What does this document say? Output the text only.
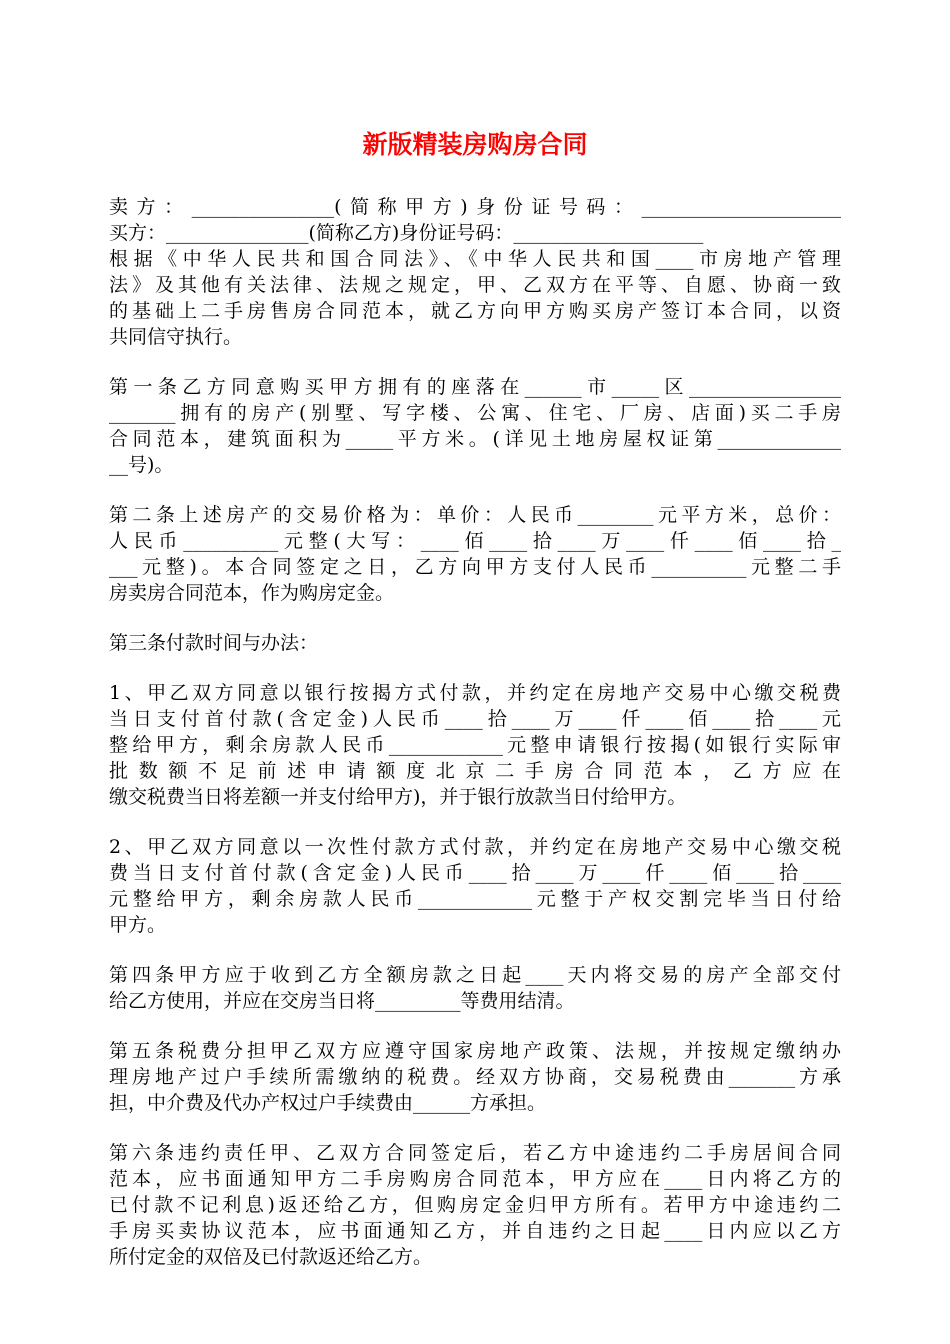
新版精装房购房合同
卖方：_______________(简称甲方)身份证号码：_____________________
买方：_______________(简称乙方)身份证号码：____________________
根据《中华人民共和国合同法》、《中华人民共和国____市房地产管理
法》及其他有关法律、法规之规定，甲、乙双方在平等、自愿、协商一致
的基础上二手房售房合同范本，就乙方向甲方购买房产签订本合同，以资
共同信守执行。
第一条乙方同意购买甲方拥有的座落在______市_____区________________
_______拥有的房产(别墅、写字楼、公寓、住宅、厂房、店面)买二手房
合同范本，建筑面积为_____平方米。(详见土地房屋权证第_____________
__号)。
第二条上述房产的交易价格为：单价：人民币________元平方米，总价：
人民币__________元整(大写：____佰____拾____万____仟____佰____拾_
___元整)。本合同签定之日，乙方向甲方支付人民币__________元整二手
房卖房合同范本，作为购房定金。
第三条付款时间与办法：
1、甲乙双方同意以银行按揭方式付款，并约定在房地产交易中心缴交税费
当日支付首付款(含定金)人民币____拾____万____仟____佰____拾____元
整给甲方，剩余房款人民币____________元整申请银行按揭(如银行实际审
批数额不足前述申请额度北京二手房合同范本，乙方应在
缴交税费当日将差额一并支付给甲方)，并于银行放款当日付给甲方。
2、甲乙双方同意以一次性付款方式付款，并约定在房地产交易中心缴交税
费当日支付首付款(含定金)人民币____拾____万____仟____佰____拾____
元整给甲方，剩余房款人民币____________元整于产权交割完毕当日付给
甲方。
第四条甲方应于收到乙方全额房款之日起____天内将交易的房产全部交付
给乙方使用，并应在交房当日将_________等费用结清。
第五条税费分担甲乙双方应遵守国家房地产政策、法规，并按规定缴纳办
理房地产过户手续所需缴纳的税费。经双方协商，交易税费由_______方承
担，中介费及代办产权过户手续费由______方承担。
第六条违约责任甲、乙双方合同签定后，若乙方中途违约二手房居间合同
范本，应书面通知甲方二手房购房合同范本，甲方应在____日内将乙方的
已付款不记利息)返还给乙方，但购房定金归甲方所有。若甲方中途违约二
手房买卖协议范本，应书面通知乙方，并自违约之日起____日内应以乙方
所付定金的双倍及已付款返还给乙方。
